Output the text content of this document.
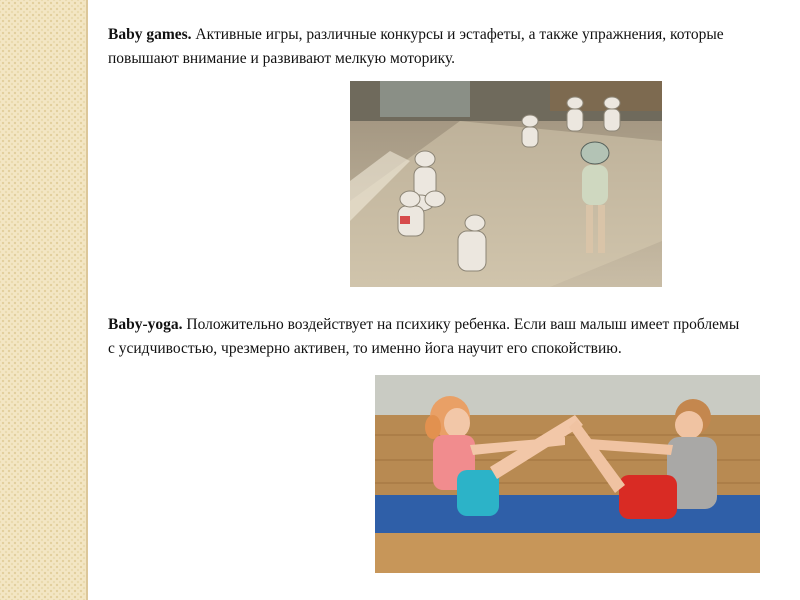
Baby games. Активные игры, различные конкурсы и эстафеты, а также упражнения, которые повышают внимание и развивают мелкую моторику.
Baby-yoga. Положительно воздействует на психику ребенка. Если ваш малыш имеет проблемы с усидчивостью, чрезмерно активен, то именно йога научит его спокойствию.
